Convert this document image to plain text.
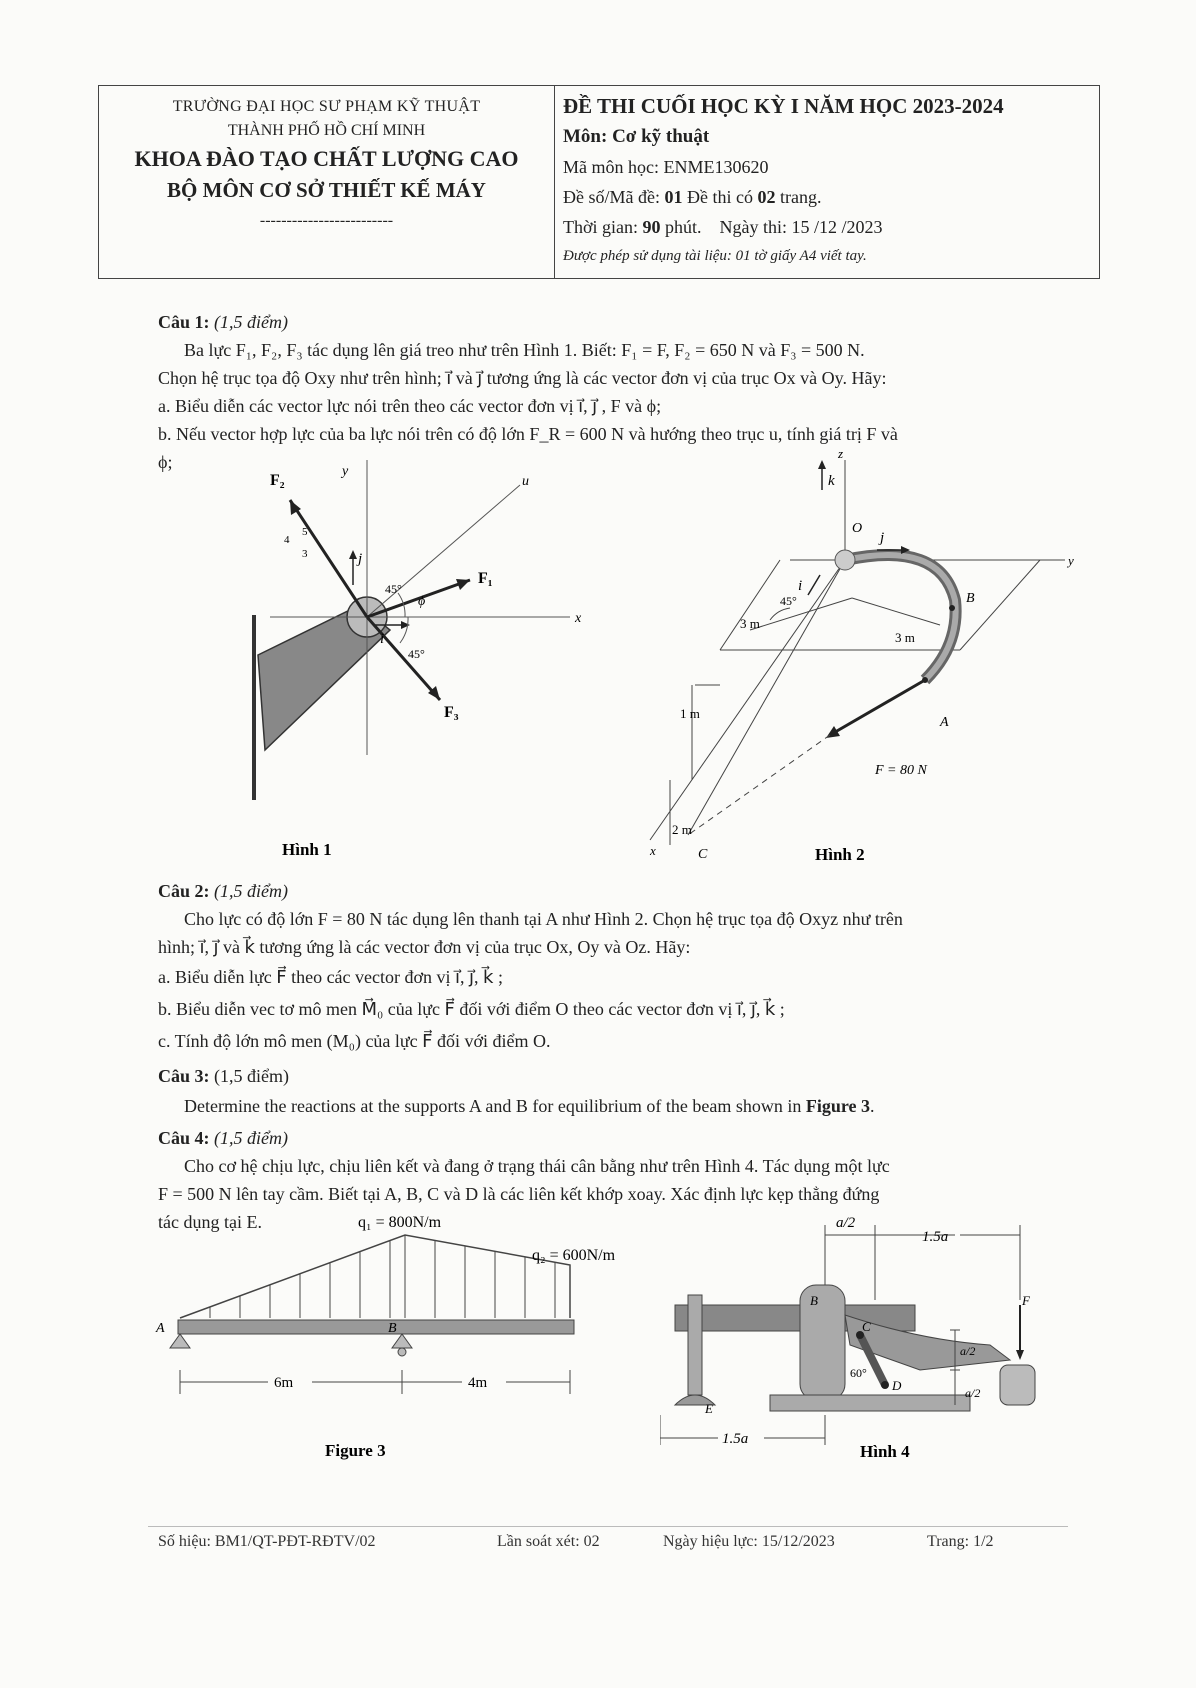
TRƯỜNG ĐẠI HỌC SƯ PHẠM KỸ THUẬT
THÀNH PHỐ HỒ CHÍ MINH
KHOA ĐÀO TẠO CHẤT LƯỢNG CAO
BỘ MÔN CƠ SỞ THIẾT KẾ MÁY
-------------------------
ĐỀ THI CUỐI HỌC KỲ I NĂM HỌC 2023-2024
Môn: Cơ kỹ thuật
Mã môn học: ENME130620
Đề số/Mã đề: 01 Đề thi có 02 trang.
Thời gian: 90 phút.    Ngày thi: 15 /12 /2023
Được phép sử dụng tài liệu: 01 tờ giấy A4 viết tay.
Câu 1: (1,5 điểm)
Ba lực F₁, F₂, F₃ tác dụng lên giá treo như trên Hình 1. Biết: F₁ = F, F₂ = 650 N và F₃ = 500 N.
Chọn hệ trục tọa độ Oxy như trên hình; i⃗ và j⃗ tương ứng là các vector đơn vị của trục Ox và Oy. Hãy:
a. Biểu diễn các vector lực nói trên theo các vector đơn vị i⃗, j⃗ , F và ϕ;
b. Nếu vector hợp lực của ba lực nói trên có độ lớn F_R = 600 N và hướng theo trục u, tính giá trị F và
ϕ;
F₂
F₁
F₃
y
x
u
j⃗
i⃗
45°
45°
ϕ
4
5
3
Hình 1
z
y
x
k⃗
j⃗
i⃗
O
B
A
C
3 m
3 m
45°
1 m
2 m
F = 80 N
Hình 2
Câu 2: (1,5 điểm)
Cho lực có độ lớn F = 80 N tác dụng lên thanh tại A như Hình 2. Chọn hệ trục tọa độ Oxyz như trên
hình; i⃗, j⃗ và k⃗ tương ứng là các vector đơn vị của trục Ox, Oy và Oz. Hãy:
a. Biểu diễn lực F⃗ theo các vector đơn vị i⃗, j⃗, k⃗ ;
b. Biểu diễn vec tơ mô men M⃗₀ của lực F⃗ đối với điểm O theo các vector đơn vị i⃗, j⃗, k⃗ ;
c. Tính độ lớn mô men (M₀) của lực F⃗ đối với điểm O.
Câu 3: (1,5 điểm)
Determine the reactions at the supports A and B for equilibrium of the beam shown in Figure 3.
Câu 4: (1,5 điểm)
Cho cơ hệ chịu lực, chịu liên kết và đang ở trạng thái cân bằng như trên Hình 4. Tác dụng một lực
F = 500 N lên tay cầm. Biết tại A, B, C và D là các liên kết khớp xoay. Xác định lực kẹp thẳng đứng
tác dụng tại E.
6m	4m
A	B
q₁ = 800N/m
q₂ = 600N/m
Figure 3
a/2
1.5a
1.5a
B
C
D
E
F
60°
a/2
a/2
Hình 4
Số hiệu: BM1/QT-PĐT-RĐTV/02	Lần soát xét: 02	Ngày hiệu lực: 15/12/2023	Trang: 1/2
